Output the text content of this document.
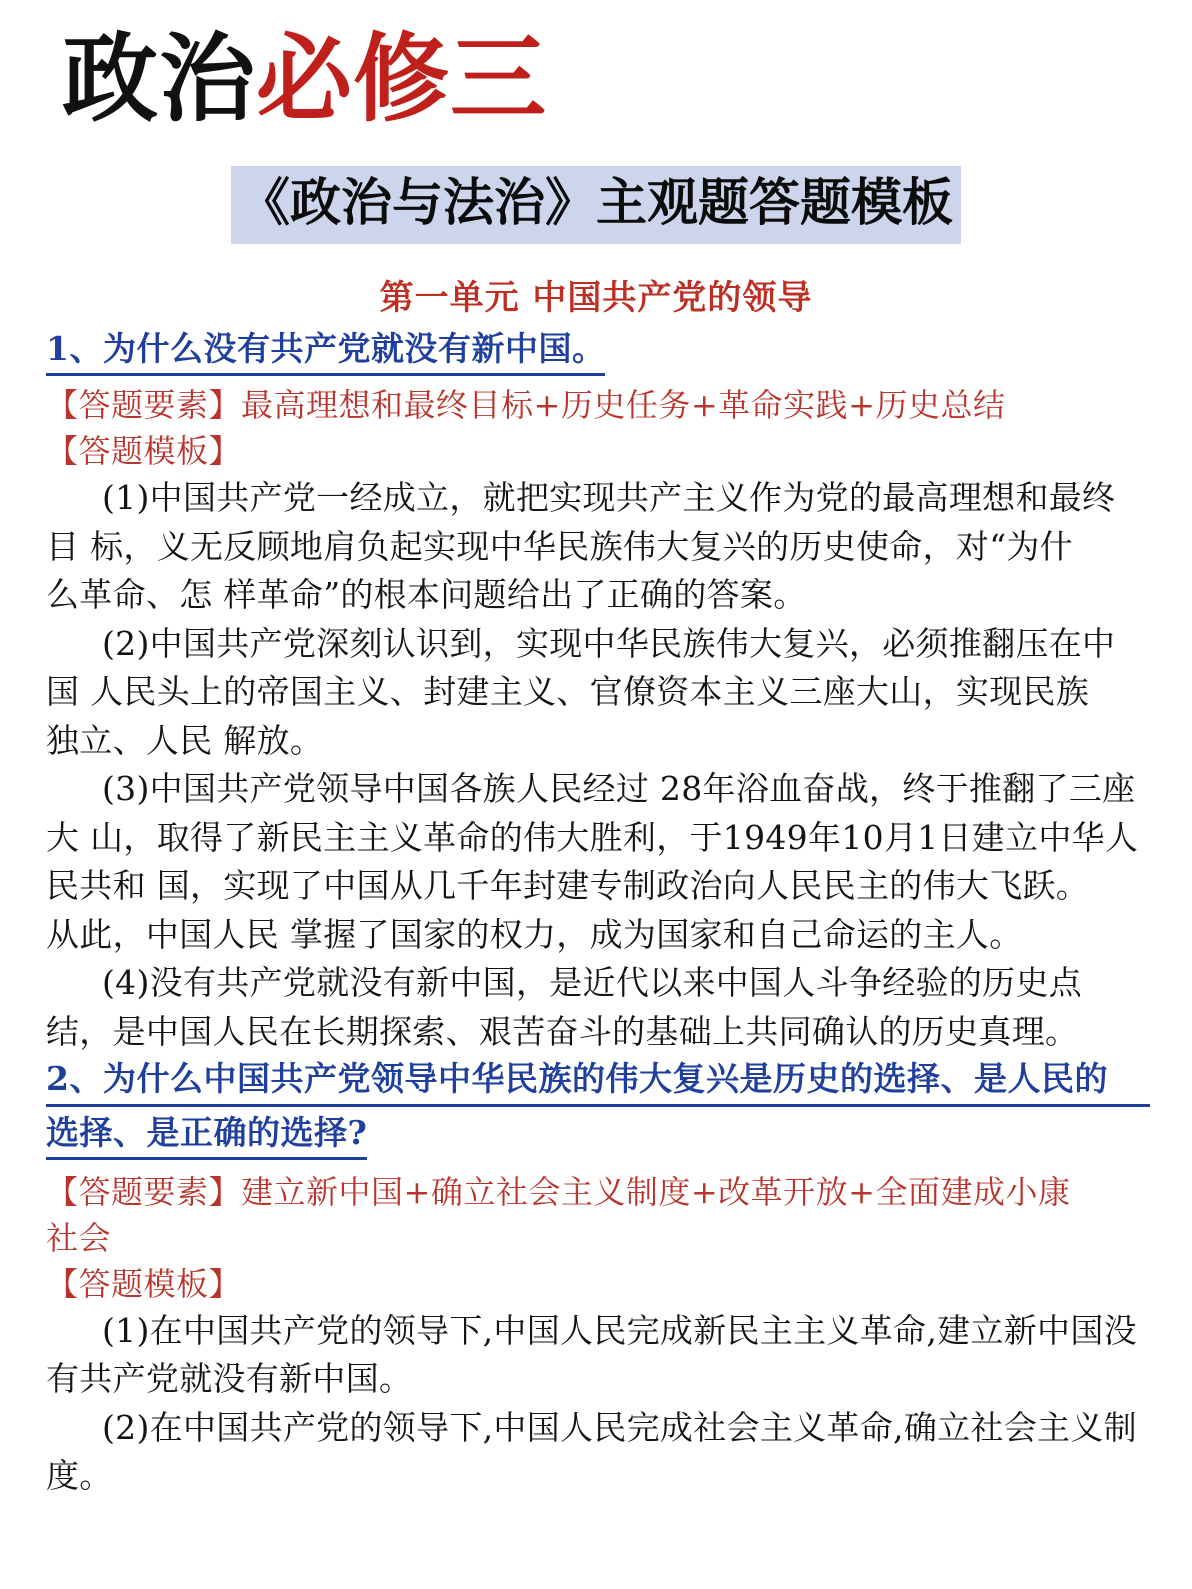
政治必修三
《政治与法治》主观题答题模板
第一单元 中国共产党的领导
1、为什么没有共产党就没有新中国。
【答题要素】最高理想和最终目标+历史任务+革命实践+历史总结
【答题模板】
(1)中国共产党一经成立，就把实现共产主义作为党的最高理想和最终
目 标，义无反顾地肩负起实现中华民族伟大复兴的历史使命，对“为什
么革命、怎 样革命”的根本问题给出了正确的答案。
(2)中国共产党深刻认识到，实现中华民族伟大复兴，必须推翻压在中
国 人民头上的帝国主义、封建主义、官僚资本主义三座大山，实现民族
独立、人民 解放。
(3)中国共产党领导中国各族人民经过 28年浴血奋战，终于推翻了三座
大 山，取得了新民主主义革命的伟大胜利，于1949年10月1日建立中华人
民共和 国，实现了中国从几千年封建专制政治向人民民主的伟大飞跃。
从此，中国人民 掌握了国家的权力，成为国家和自己命运的主人。
(4)没有共产党就没有新中国，是近代以来中国人斗争经验的历史点
结，是中国人民在长期探索、艰苦奋斗的基础上共同确认的历史真理。
2、为什么中国共产党领导中华民族的伟大复兴是历史的选择、是人民的
选择、是正确的选择?
【答题要素】建立新中国+确立社会主义制度+改革开放+全面建成小康
社会
【答题模板】
(1)在中国共产党的领导下,中国人民完成新民主主义革命,建立新中国没
有共产党就没有新中国。
(2)在中国共产党的领导下,中国人民完成社会主义革命,确立社会主义制
度。
